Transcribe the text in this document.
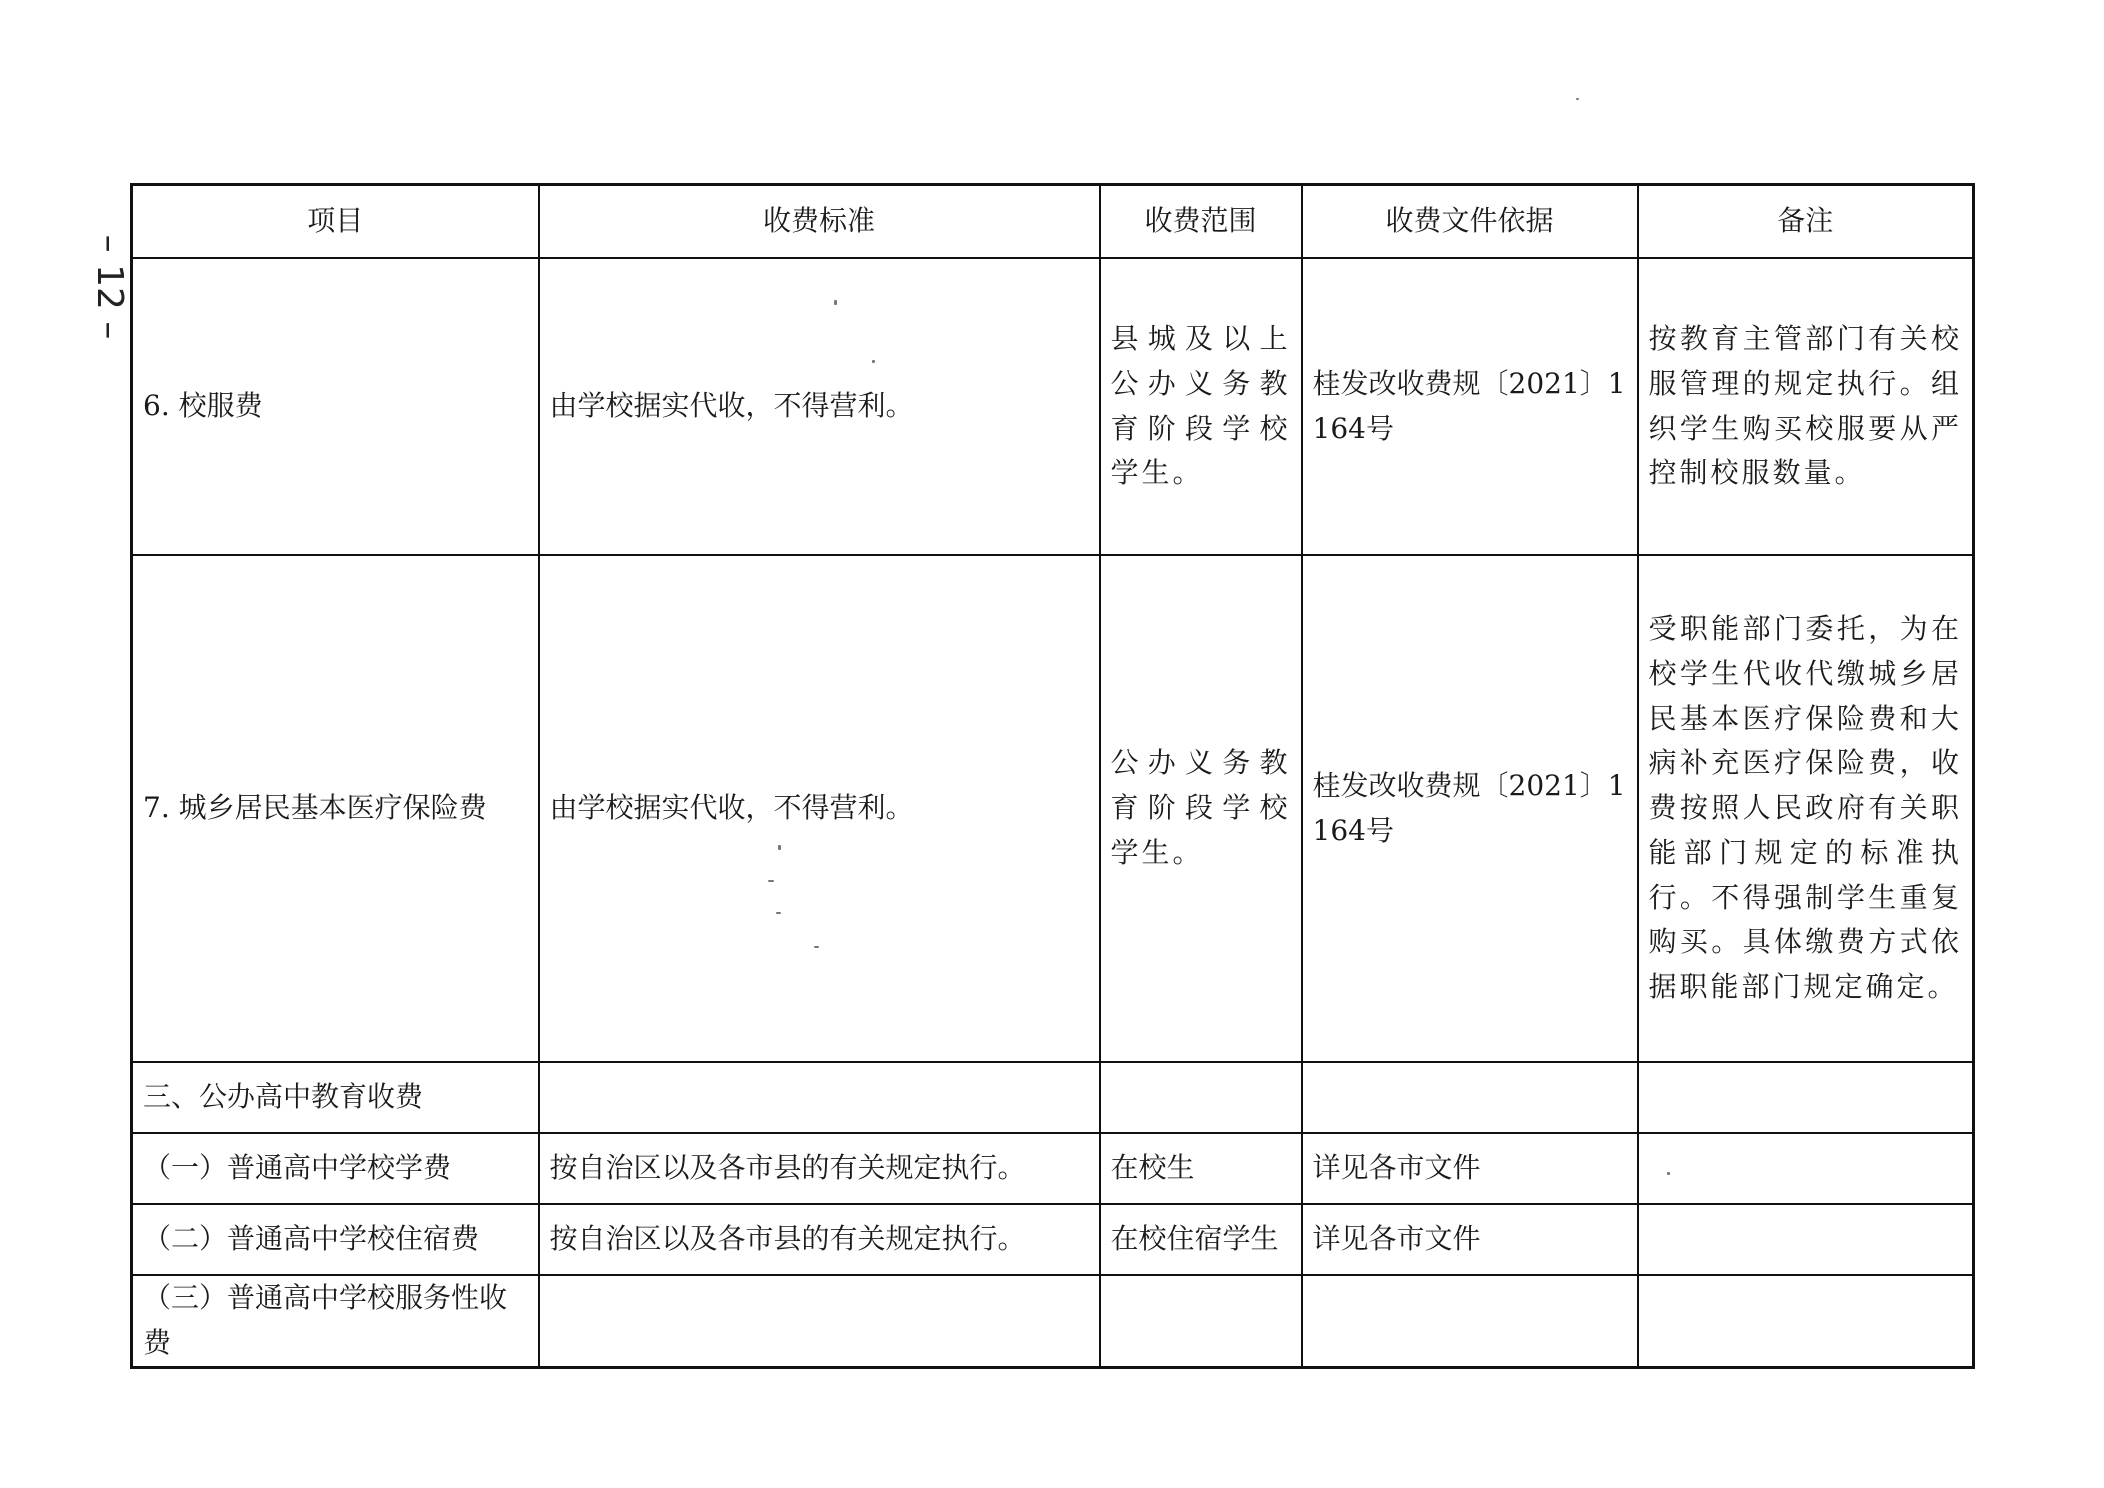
– 12 –
项目	收费标准	收费范围	收费文件依据	备注
6. 校服费	由学校据实代收，不得营利。	县城及以上公办义务教育阶段学校学生。	桂发改收费规〔2021〕1164号	按教育主管部门有关校服管理的规定执行。组织学生购买校服要从严控制校服数量。
7. 城乡居民基本医疗保险费	由学校据实代收，不得营利。	公办义务教育阶段学校学生。	桂发改收费规〔2021〕1164号	受职能部门委托，为在校学生代收代缴城乡居民基本医疗保险费和大病补充医疗保险费，收费按照人民政府有关职能部门规定的标准执行。不得强制学生重复购买。具体缴费方式依据职能部门规定确定。
三、公办高中教育收费				
（一）普通高中学校学费	按自治区以及各市县的有关规定执行。	在校生	详见各市文件	
（二）普通高中学校住宿费	按自治区以及各市县的有关规定执行。	在校住宿学生	详见各市文件	
（三）普通高中学校服务性收费				
